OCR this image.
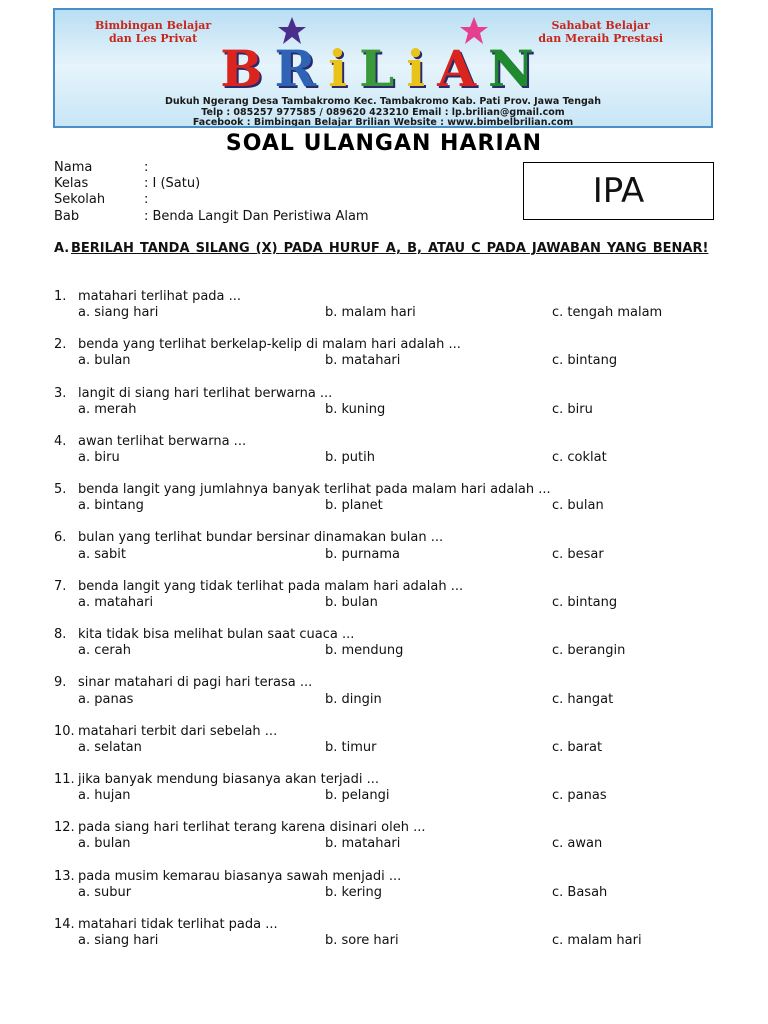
Bimbingan Belajar
dan Les Privat
Sahabat Belajar
dan Meraih Prestasi
BRiLiAN
Dukuh Ngerang Desa Tambakromo Kec. Tambakromo Kab. Pati Prov. Jawa Tengah
Telp : 085257 977585 / 089620 423210 Email : lp.brilian@gmail.com
Facebook : Bimbingan Belajar Brilian Website : www.bimbelbrilian.com
SOAL ULANGAN HARIAN
Nama	:
Kelas	: I (Satu)
Sekolah	:
Bab	: Benda Langit Dan Peristiwa Alam
IPA
A. BERILAH TANDA SILANG (X) PADA HURUF A, B, ATAU C PADA JAWABAN YANG BENAR!
1. matahari terlihat pada ...
a. siang hari	b. malam hari	c. tengah malam
2. benda yang terlihat berkelap-kelip di malam hari adalah ...
a. bulan	b. matahari	c. bintang
3. langit di siang hari terlihat berwarna ...
a. merah	b. kuning	c. biru
4. awan terlihat berwarna ...
a. biru	b. putih	c. coklat
5. benda langit yang jumlahnya banyak terlihat pada malam hari adalah ...
a. bintang	b. planet	c. bulan
6. bulan yang terlihat bundar bersinar dinamakan bulan ...
a. sabit	b. purnama	c. besar
7. benda langit yang tidak terlihat pada malam hari adalah ...
a. matahari	b. bulan	c. bintang
8. kita tidak bisa melihat bulan saat cuaca ...
a. cerah	b. mendung	c. berangin
9. sinar matahari di pagi hari terasa ...
a. panas	b. dingin	c. hangat
10. matahari terbit dari sebelah ...
a. selatan	b. timur	c. barat
11. jika banyak mendung biasanya akan terjadi ...
a. hujan	b. pelangi	c. panas
12. pada siang hari terlihat terang karena disinari oleh ...
a. bulan	b. matahari	c. awan
13. pada musim kemarau biasanya sawah menjadi ...
a. subur	b. kering	c. Basah
14. matahari tidak terlihat pada ...
a. siang hari	b. sore hari	c. malam hari
